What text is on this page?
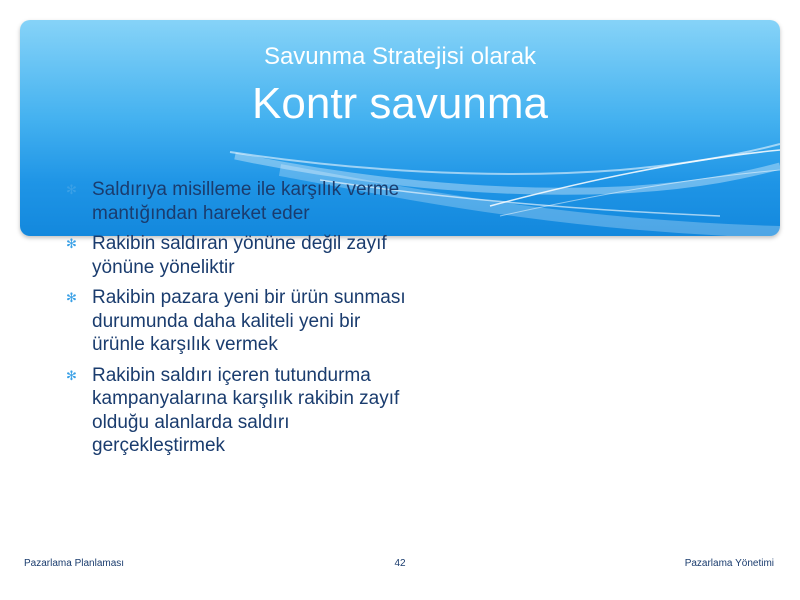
Savunma Stratejisi olarak
Kontr savunma
✻ Saldırıya misilleme ile karşılık verme mantığından hareket eder
✻ Rakibin saldıran yönüne değil zayıf yönüne yöneliktir
✻ Rakibin pazara yeni bir ürün sunması durumunda daha kaliteli yeni bir ürünle karşılık vermek
✻ Rakibin saldırı içeren tutundurma kampanyalarına karşılık rakibin zayıf olduğu alanlarda saldırı gerçekleştirmek
Pazarlama Planlaması	42	Pazarlama Yönetimi
